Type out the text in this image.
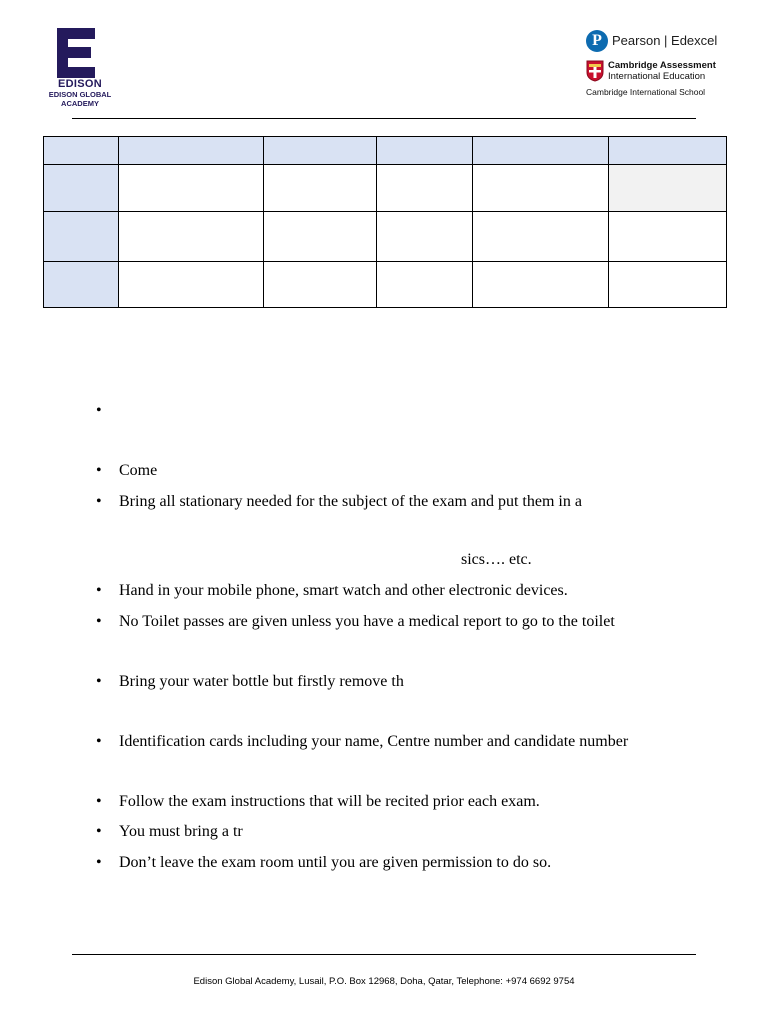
EDISON
EDISON GLOBAL ACADEMY
P Pearson | Edexcel
Cambridge Assessment
International Education
Cambridge International School

•
•	Come
•	Bring all stationary needed for the subject of the exam and put them in a
sics…. etc.
•	Hand in your mobile phone, smart watch and other electronic devices.
•	No Toilet passes are given unless you have a medical report to go to the toilet
•	Bring your water bottle but firstly remove th
•	Identification cards including your name, Centre number and candidate number
•	Follow the exam instructions that will be recited prior each exam.
•	You must bring a tr
•	Don’t leave the exam room until you are given permission to do so.
Edison Global Academy, Lusail, P.O. Box 12968, Doha, Qatar, Telephone: +974 6692 9754
